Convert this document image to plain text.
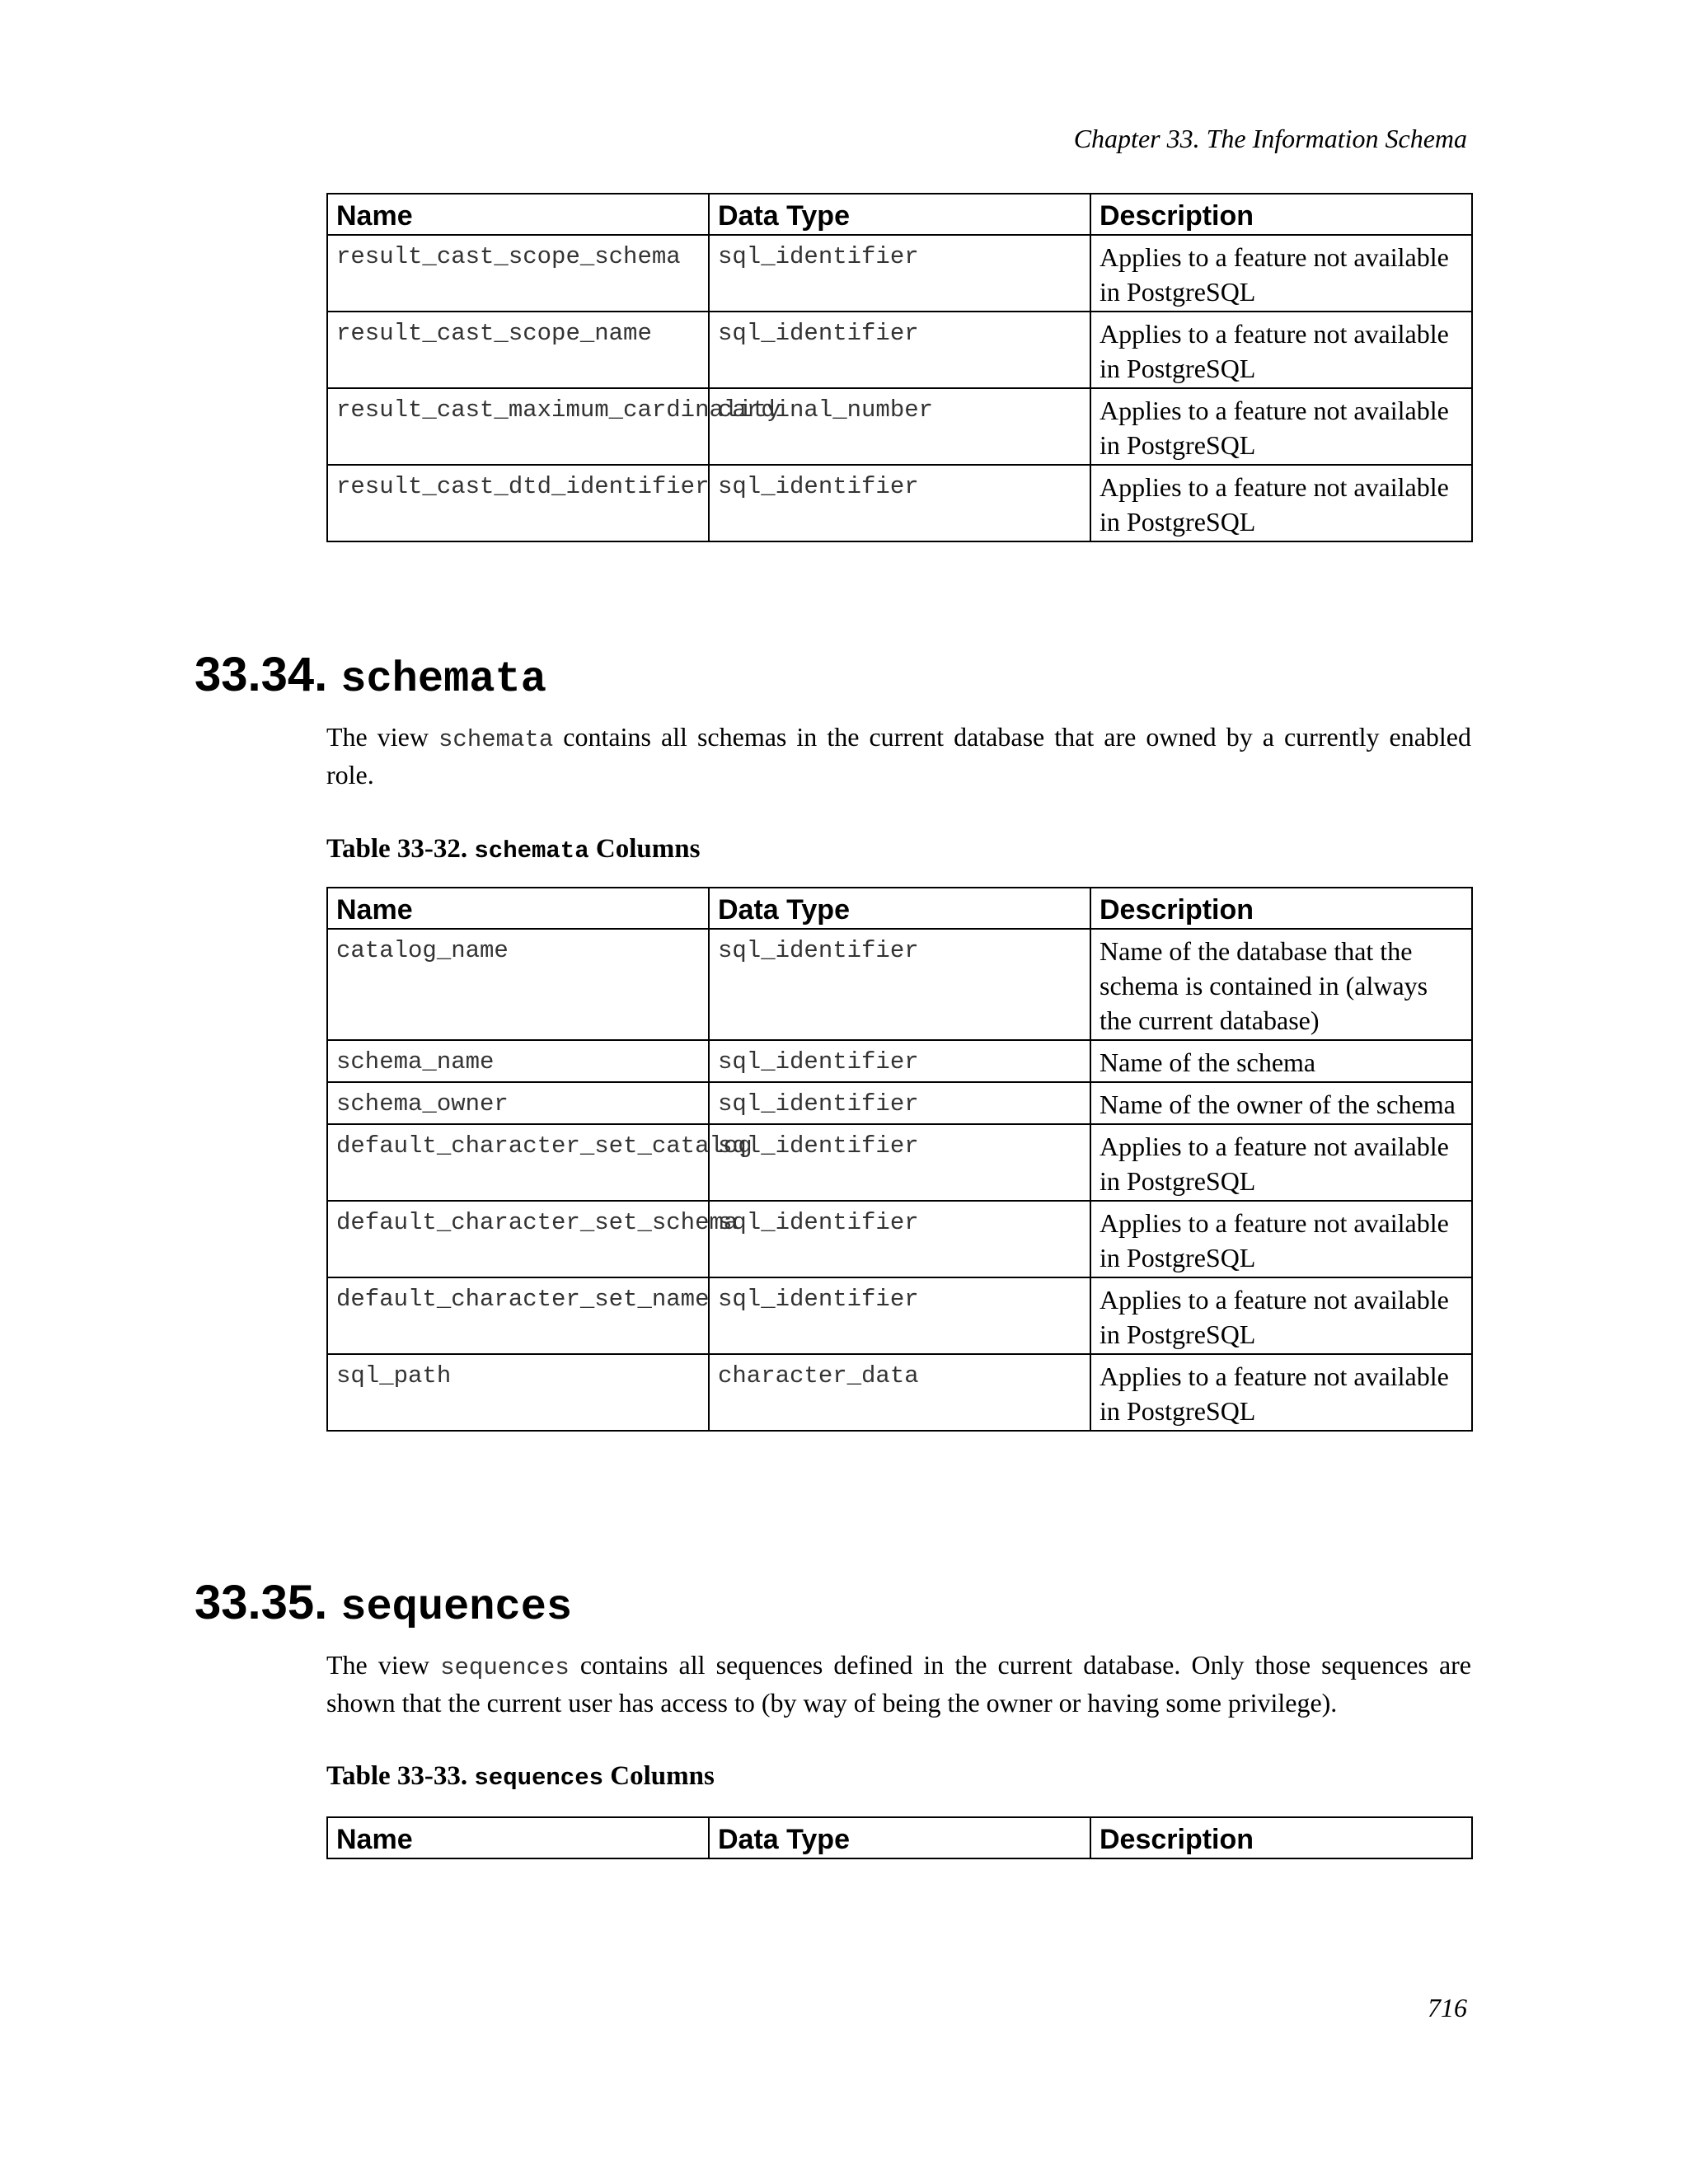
Chapter 33. The Information Schema
Name	Data Type	Description
result_cast_scope_schema	sql_identifier	Applies to a feature not available in PostgreSQL
result_cast_scope_name	sql_identifier	Applies to a feature not available in PostgreSQL
result_cast_maximum_cardinality	cardinal_number	Applies to a feature not available in PostgreSQL
result_cast_dtd_identifier	sql_identifier	Applies to a feature not available in PostgreSQL
33.34. schemata

The view schemata contains all schemas in the current database that are owned by a currently enabled role.

Table 33-32. schemata Columns

Name	Data Type	Description
catalog_name	sql_identifier	Name of the database that the schema is contained in (always the current database)
schema_name	sql_identifier	Name of the schema
schema_owner	sql_identifier	Name of the owner of the schema
default_character_set_catalog	sql_identifier	Applies to a feature not available in PostgreSQL
default_character_set_schema	sql_identifier	Applies to a feature not available in PostgreSQL
default_character_set_name	sql_identifier	Applies to a feature not available in PostgreSQL
sql_path	character_data	Applies to a feature not available in PostgreSQL
33.35. sequences

The view sequences contains all sequences defined in the current database. Only those sequences are shown that the current user has access to (by way of being the owner or having some privilege).

Table 33-33. sequences Columns

Name	Data Type	Description
716
